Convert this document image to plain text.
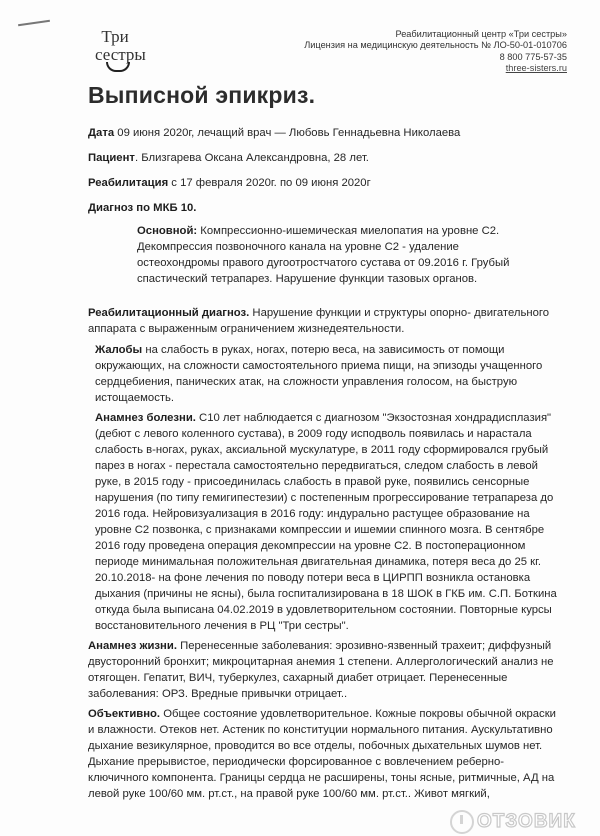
Три
сестры
Реабилитационный центр «Три сестры»
Лицензия на медицинскую деятельность № ЛО-50-01-010706
8 800 775-57-35
three-sisters.ru
Выписной эпикриз.
Дата 09 июня 2020г, лечащий врач — Любовь Геннадьевна Николаева
Пациент. Близгарева Оксана Александровна, 28 лет.
Реабилитация с 17 февраля 2020г. по 09 июня 2020г
Диагноз по МКБ 10.
Основной: Компрессионно-ишемическая миелопатия на уровне С2.
Декомпрессия позвоночного канала на уровне С2 - удаление
остеохондромы правого дугоотростчатого сустава от 09.2016 г. Грубый
спастический тетрапарез. Нарушение функции тазовых органов.
Реабилитационный диагноз. Нарушение функции и структуры опорно- двигательного
аппарата с выраженным ограничением жизнедеятельности.
Жалобы на слабость в руках, ногах, потерю веса, на зависимость от помощи
окружающих, на сложности самостоятельного приема пищи, на эпизоды учащенного
сердцебиения, панических атак, на сложности управления голосом, на быструю
истощаемость.
Анамнез болезни. С10 лет наблюдается с диагнозом "Экзостозная хондрадисплазия"
(дебют с левого коленного сустава), в 2009 году исподволь появилась и нарастала
слабость в-ногах, руках, аксиальной мускулатуре, в 2011 году сформировался грубый
парез в ногах - перестала самостоятельно передвигаться, следом слабость в левой
руке, в 2015 году - присоединилась слабость в правой руке, появились сенсорные
нарушения (по типу гемигипестезии) с постепенным прогрессирование тетрапареза до
2016 года. Нейровизуализация в 2016 году: индурально растущее образование на
уровне С2 позвонка, с признаками компрессии и ишемии спинного мозга. В сентябре
2016 году проведена операция декомпрессии на уровне С2. В постоперационном
периоде минимальная положительная двигательная динамика, потеря веса до 25 кг.
20.10.2018- на фоне лечения по поводу потери веса в ЦИРПП возникла остановка
дыхания (причины не ясны), была госпитализирована в 18 ШОК в ГКБ им. С.П. Боткина
откуда была выписана 04.02.2019 в удовлетворительном состоянии. Повторные курсы
восстановительного лечения в РЦ "Три сестры".
Анамнез жизни. Перенесенные заболевания: эрозивно-язвенный трахеит; диффузный
двусторонний бронхит; микроцитарная анемия 1 степени. Аллергологический анализ не
отягощен. Гепатит, ВИЧ, туберкулез, сахарный диабет отрицает. Перенесенные
заболевания: ОРЗ. Вредные привычки отрицает..
Объективно. Общее состояние удовлетворительное. Кожные покровы обычной окраски
и влажности. Отеков нет. Астеник по конституции нормального питания. Аускультативно
дыхание везикулярное, проводится во все отделы, побочных дыхательных шумов нет.
Дыхание прерывистое, периодически форсированное с вовлечением реберно-
ключичного компонента. Границы сердца не расширены, тоны ясные, ритмичные, АД на
левой руке 100/60 мм. рт.ст., на правой руке 100/60 мм. рт.ст.. Живот мягкий,
ОТЗОВИК
